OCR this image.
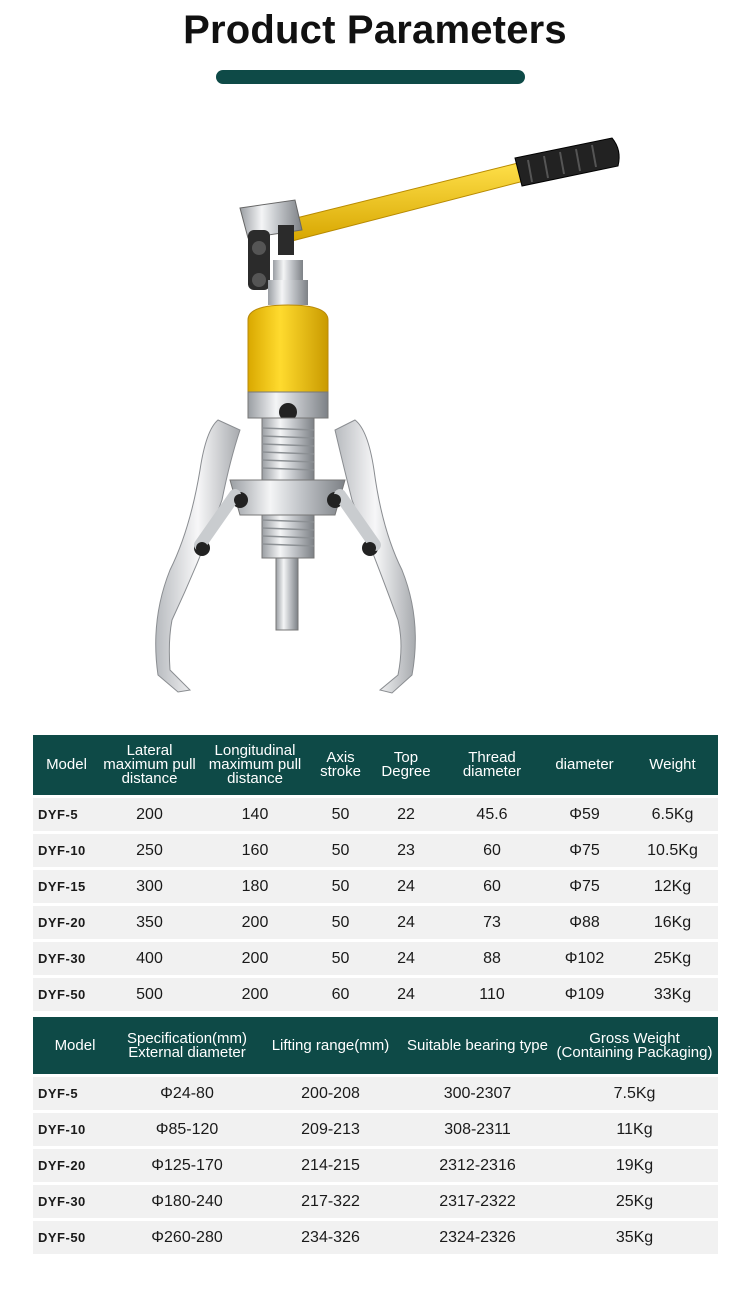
Product Parameters
Model	Lateral maximum pull distance	Longitudinal maximum pull distance	Axis stroke	Top Degree	Thread diameter	diameter	Weight
DYF-5	200	140	50	22	45.6	Φ59	6.5Kg
DYF-10	250	160	50	23	60	Φ75	10.5Kg
DYF-15	300	180	50	24	60	Φ75	12Kg
DYF-20	350	200	50	24	73	Φ88	16Kg
DYF-30	400	200	50	24	88	Φ102	25Kg
DYF-50	500	200	60	24	110	Φ109	33Kg
Model	Specification(mm) External diameter	Lifting range(mm)	Suitable bearing type	Gross Weight (Containing Packaging)
DYF-5	Φ24-80	200-208	300-2307	7.5Kg
DYF-10	Φ85-120	209-213	308-2311	11Kg
DYF-20	Φ125-170	214-215	2312-2316	19Kg
DYF-30	Φ180-240	217-322	2317-2322	25Kg
DYF-50	Φ260-280	234-326	2324-2326	35Kg
